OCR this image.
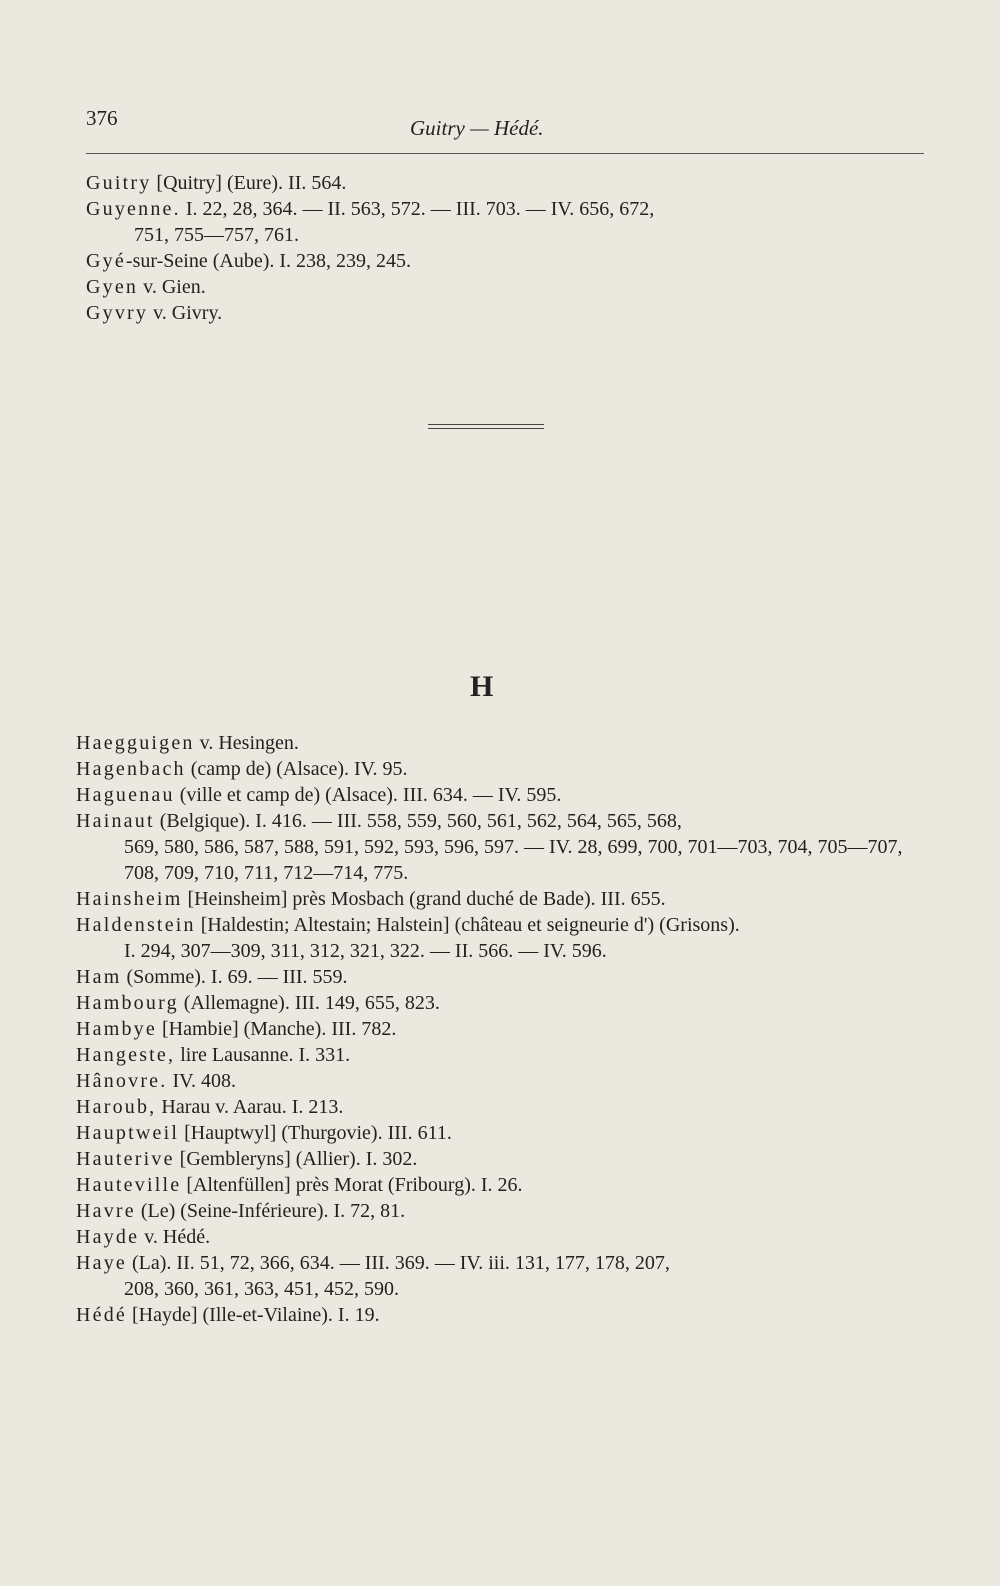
376	Guitry — Hédé.
Guitry [Quitry] (Eure). II. 564.
Guyenne. I. 22, 28, 364. — II. 563, 572. — III. 703. — IV. 656, 672,
751, 755—757, 761.
Gyé-sur-Seine (Aube). I. 238, 239, 245.
Gyen v. Gien.
Gyvry v. Givry.
H
Haegguigen v. Hesingen.
Hagenbach (camp de) (Alsace). IV. 95.
Haguenau (ville et camp de) (Alsace). III. 634. — IV. 595.
Hainaut (Belgique). I. 416. — III. 558, 559, 560, 561, 562, 564, 565, 568,
569, 580, 586, 587, 588, 591, 592, 593, 596, 597. — IV. 28, 699, 700, 701—703, 704, 705—707, 708, 709, 710, 711, 712—714, 775.
Hainsheim [Heinsheim] près Mosbach (grand duché de Bade). III. 655.
Haldenstein [Haldestin; Altestain; Halstein] (château et seigneurie d') (Grisons).
I. 294, 307—309, 311, 312, 321, 322. — II. 566. — IV. 596.
Ham (Somme). I. 69. — III. 559.
Hambourg (Allemagne). III. 149, 655, 823.
Hambye [Hambie] (Manche). III. 782.
Hangeste, lire Lausanne. I. 331.
Hânovre. IV. 408.
Haroub, Harau v. Aarau. I. 213.
Hauptweil [Hauptwyl] (Thurgovie). III. 611.
Hauterive [Gembleryns] (Allier). I. 302.
Hauteville [Altenfüllen] près Morat (Fribourg). I. 26.
Havre (Le) (Seine-Inférieure). I. 72, 81.
Hayde v. Hédé.
Haye (La). II. 51, 72, 366, 634. — III. 369. — IV. iii. 131, 177, 178, 207,
208, 360, 361, 363, 451, 452, 590.
Hédé [Hayde] (Ille-et-Vilaine). I. 19.
